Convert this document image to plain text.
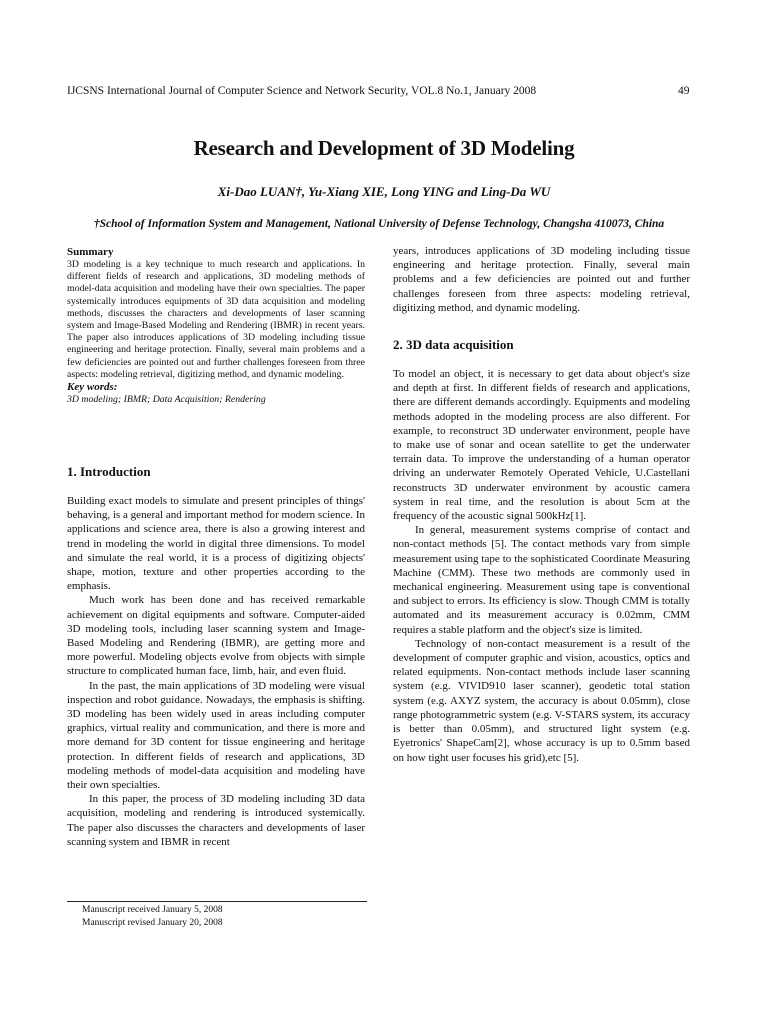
IJCSNS International Journal of Computer Science and Network Security, VOL.8 No.1, January 2008	49
Research and Development of 3D Modeling
Xi-Dao LUAN†, Yu-Xiang XIE, Long YING and Ling-Da WU
†School of Information System and Management, National University of Defense Technology, Changsha 410073, China

Summary

3D modeling is a key technique to much research and applications. In different fields of research and applications, 3D modeling methods of model-data acquisition and modeling have their own specialties. The paper systemically introduces equipments of 3D data acquisition and modeling methods, discusses the characters and developments of laser scanning system and Image-Based Modeling and Rendering (IBMR) in recent years. The paper also introduces applications of 3D modeling including tissue engineering and heritage protection. Finally, several main problems and a few deficiencies are pointed out and further challenges foreseen from three aspects: modeling retrieval, digitizing method, and dynamic modeling.

Key words:

3D modeling; IBMR; Data Acquisition; Rendering

1. Introduction

Building exact models to simulate and present principles of things' behaving, is a general and important method for modern science. In applications and science area, there is also a growing interest and trend in modeling the world in digital three dimensions. To model and simulate the real world, it is a process of digitizing objects' shape, motion, texture and other properties according to the emphasis.

Much work has been done and has received remarkable achievement on digital equipments and software. Computer-aided 3D modeling tools, including laser scanning system and Image-Based Modeling and Rendering (IBMR), are getting more and more powerful. Modeling objects evolve from objects with simple structure to complicated human face, limb, hair, and even fluid.

In the past, the main applications of 3D modeling were visual inspection and robot guidance. Nowadays, the emphasis is shifting. 3D modeling has been widely used in areas including computer graphics, virtual reality and communication, and there is more and more demand for 3D content for tissue engineering and heritage protection. In different fields of research and applications, 3D modeling methods of model-data acquisition and modeling have their own specialties.

In this paper, the process of 3D modeling including 3D data acquisition, modeling and rendering is introduced systemically. The paper also discusses the characters and developments of laser scanning system and IBMR in recent

years, introduces applications of 3D modeling including tissue engineering and heritage protection. Finally, several main problems and a few deficiencies are pointed out and further challenges foreseen from three aspects: modeling retrieval, digitizing method, and dynamic modeling.

2. 3D data acquisition

To model an object, it is necessary to get data about object's size and depth at first. In different fields of research and applications, there are different demands accordingly. Equipments and modeling methods adopted in the modeling process are also different. For example, to reconstruct 3D underwater environment, people have to make use of sonar and ocean satellite to get the underwater terrain data. To improve the understanding of a human operator driving an underwater Remotely Operated Vehicle, U.Castellani reconstructs 3D underwater environment by acoustic camera system in real time, and the resolution is about 5cm at the frequency of the acoustic signal 500kHz[1].

In general, measurement systems comprise of contact and non-contact methods [5]. The contact methods vary from simple measurement using tape to the sophisticated Coordinate Measuring Machine (CMM). These two methods are commonly used in mechanical engineering. Measurement using tape is conventional and subject to errors. Its efficiency is slow. Though CMM is totally automated and its measurement accuracy is 0.02mm, CMM requires a stable platform and the object's size is limited.

Technology of non-contact measurement is a result of the development of computer graphic and vision, acoustics, optics and related equipments. Non-contact methods include laser scanning system (e.g. VIVID910 laser scanner), geodetic total station system (e.g. AXYZ system, the accuracy is about 0.05mm), close range photogrammetric system (e.g. V-STARS system, its accuracy is better than 0.05mm), and structured light system (e.g. Eyetronics' ShapeCam[2], whose accuracy is up to 0.5mm based on how tight user focuses his grid),etc [5].

Manuscript received January 5, 2008
Manuscript revised January 20, 2008
